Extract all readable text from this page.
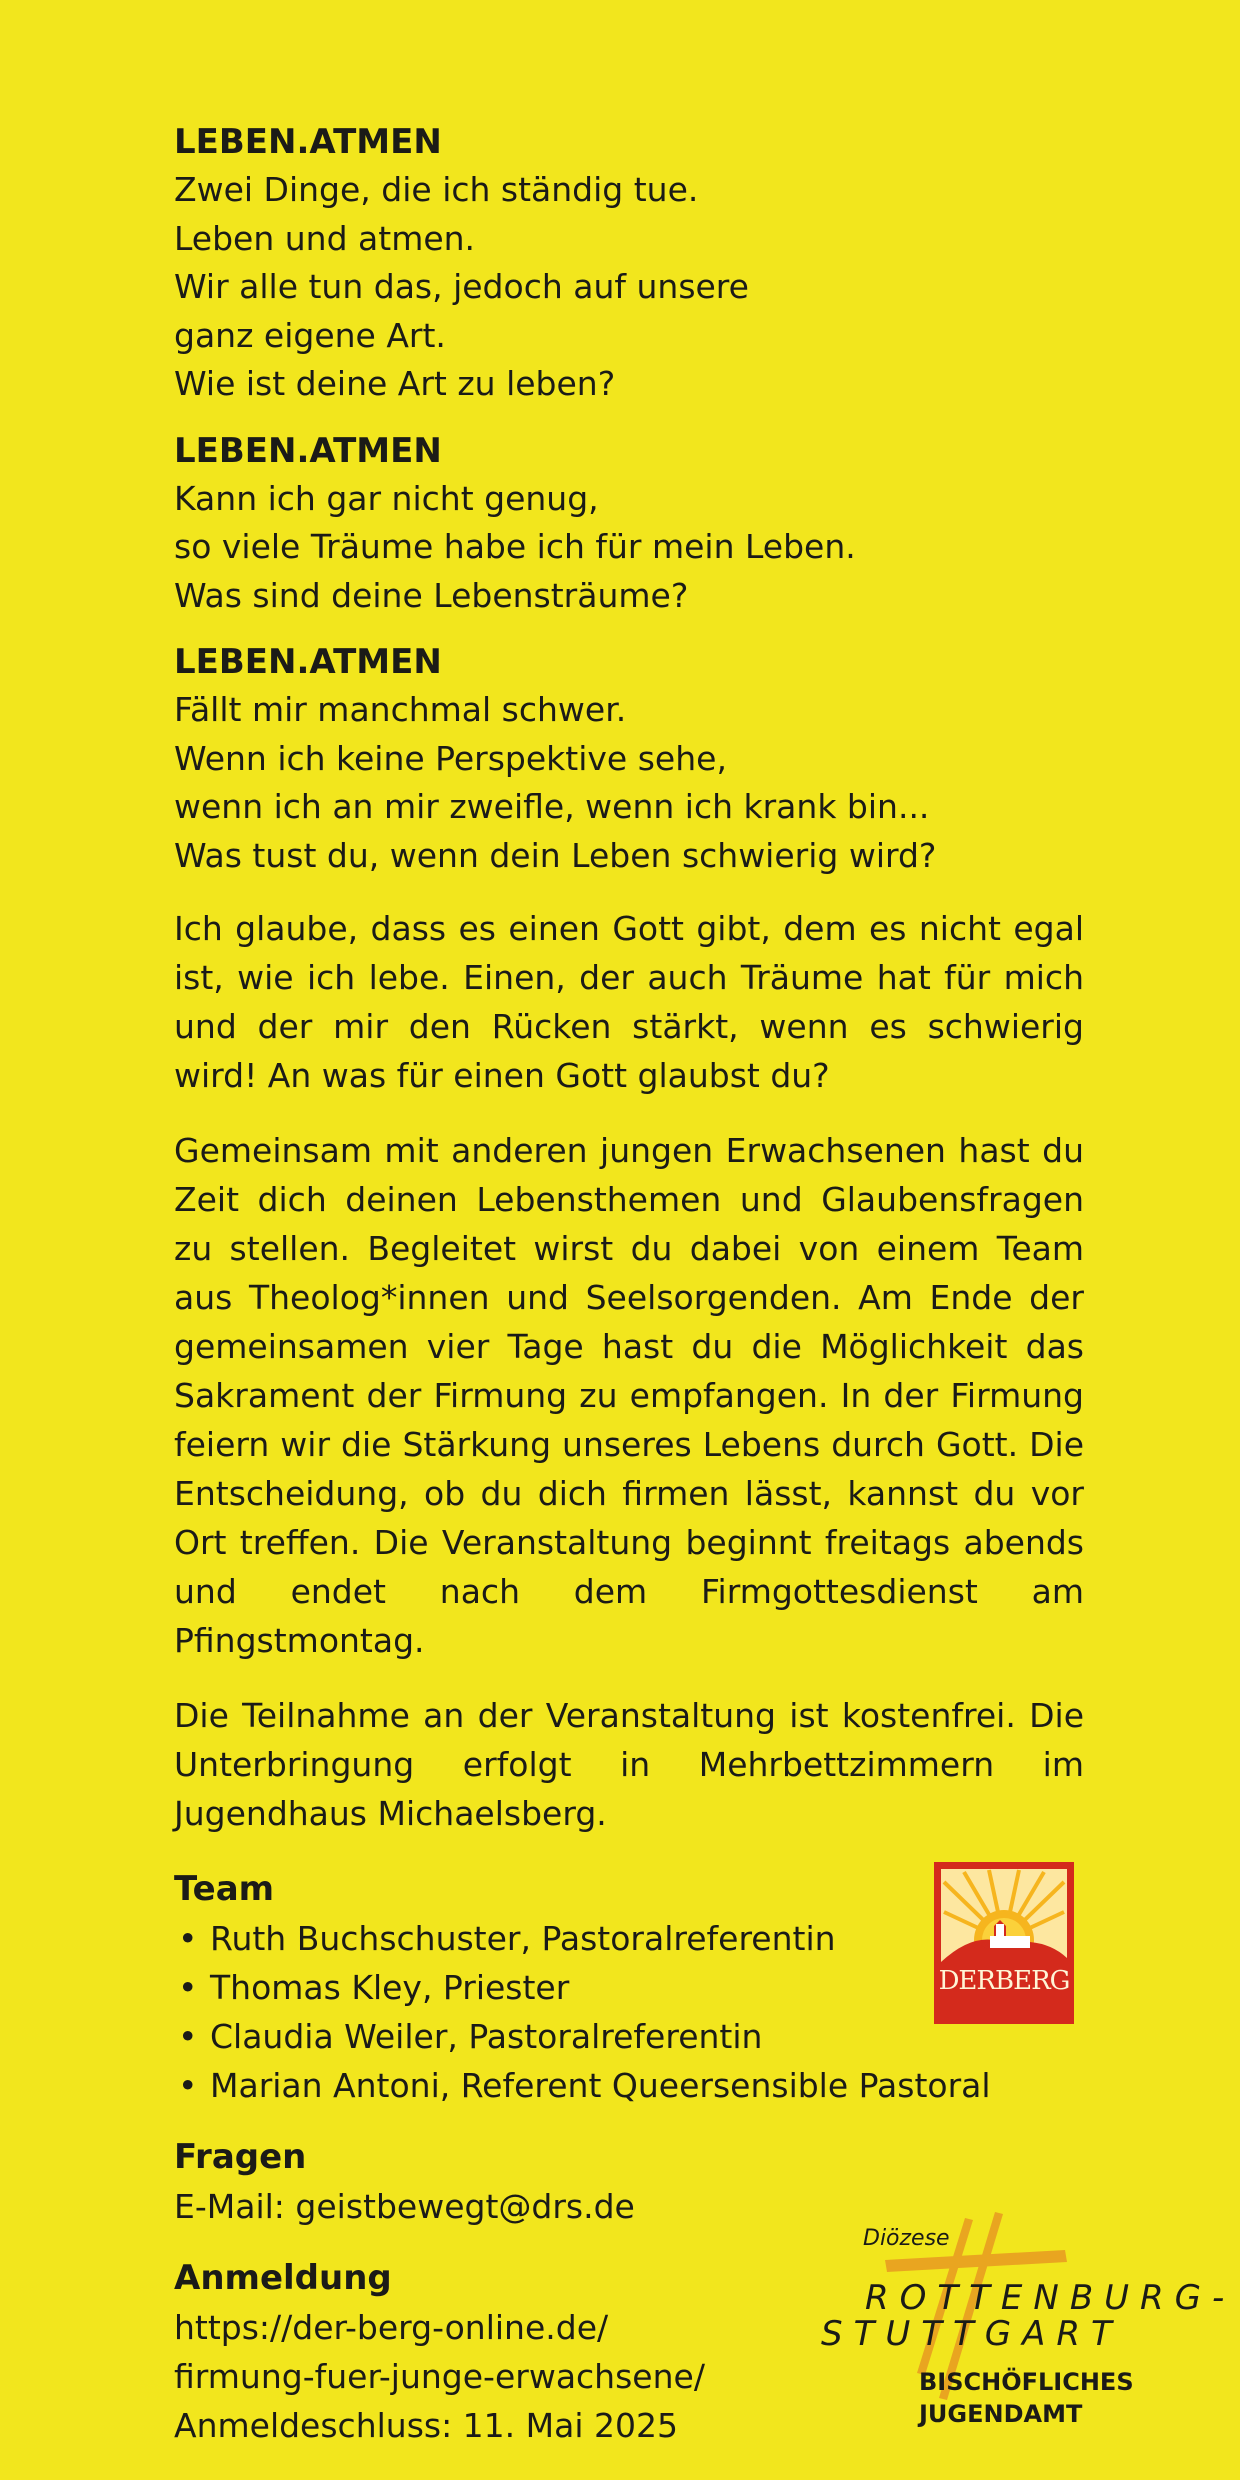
LEBEN.ATMEN

Zwei Dinge, die ich ständig tue.

Leben und atmen.

Wir alle tun das, jedoch auf unsere

ganz eigene Art.

Wie ist deine Art zu leben?

LEBEN.ATMEN

Kann ich gar nicht genug,

so viele Träume habe ich für mein Leben.

Was sind deine Lebensträume?

LEBEN.ATMEN

Fällt mir manchmal schwer.

Wenn ich keine Perspektive sehe,

wenn ich an mir zweifle, wenn ich krank bin...

Was tust du, wenn dein Leben schwierig wird?

Ich glaube, dass es einen Gott gibt, dem es nicht egal ist, wie ich lebe. Einen, der auch Träume hat für mich und der mir den Rücken stärkt, wenn es schwierig wird! An was für einen Gott glaubst du?

Gemeinsam mit anderen jungen Erwachsenen hast du Zeit dich deinen Lebensthemen und Glaubensfragen zu stellen. Begleitet wirst du dabei von einem Team aus Theolog*innen und Seelsorgenden. Am Ende der gemeinsamen vier Tage hast du die Möglichkeit das Sakrament der Firmung zu empfangen. In der Firmung feiern wir die Stärkung unseres Lebens durch Gott. Die Entscheidung, ob du dich firmen lässt, kannst du vor Ort treffen. Die Veranstaltung beginnt freitags abends und endet nach dem Firmgottesdienst am Pfingstmontag.

Die Teilnahme an der Veranstaltung ist kostenfrei. Die Unterbringung erfolgt in Mehrbettzimmern im Jugendhaus Michaelsberg.

Team

• Ruth Buchschuster, Pastoralreferentin
• Thomas Kley, Priester
• Claudia Weiler, Pastoralreferentin
• Marian Antoni, Referent Queersensible Pastoral

Fragen

E-Mail: geistbewegt@drs.de

Anmeldung

https://der-berg-online.de/

firmung-fuer-junge-erwachsene/

Anmeldeschluss: 11. Mai 2025

DERBERG
Diözese
ROTTENBURG-
STUTTGART
BISCHÖFLICHES
JUGENDAMT
